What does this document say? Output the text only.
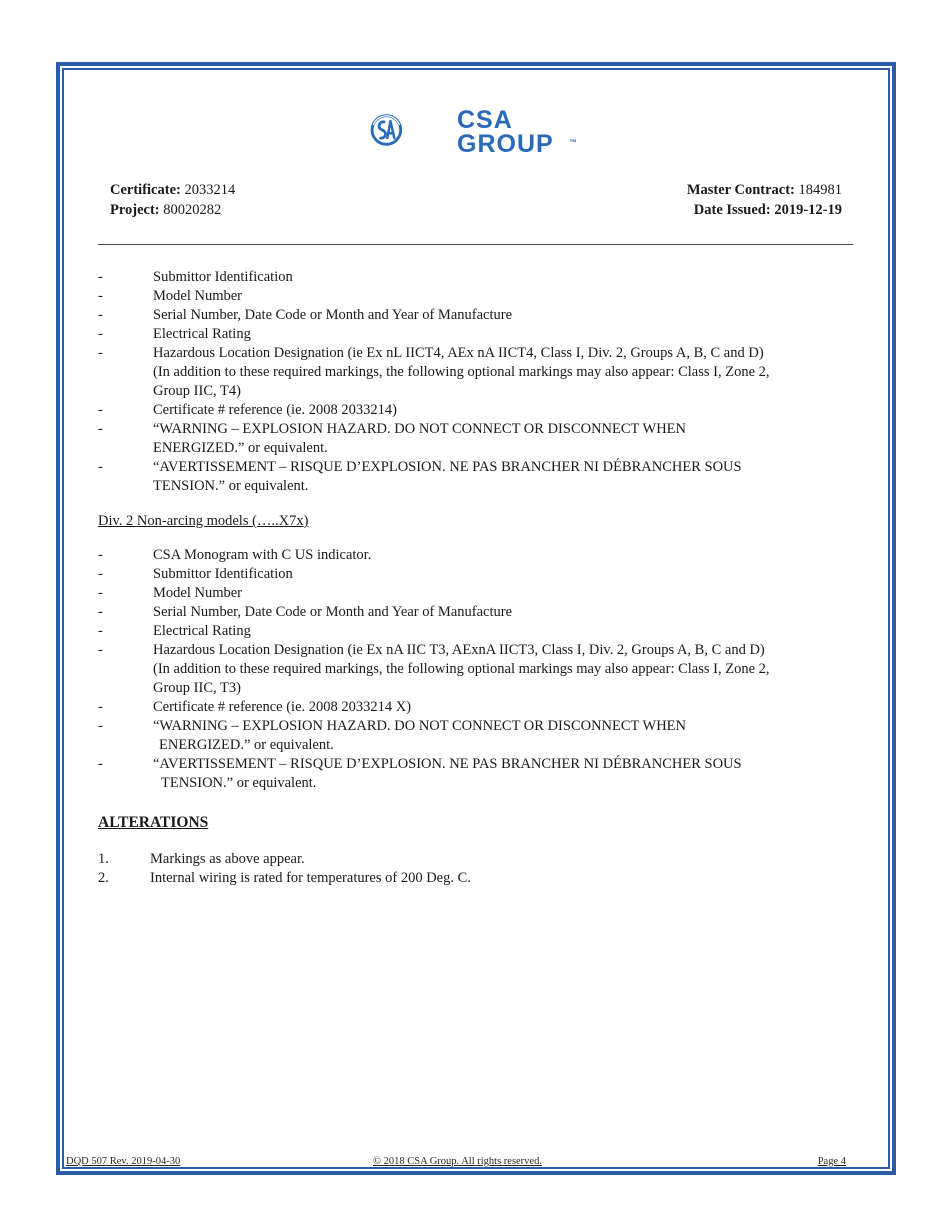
CSA
GROUP ™
Certificate: 2033214
Project: 80020282
Master Contract: 184981
Date Issued: 2019-12-19
-	Submittor Identification
-	Model Number
-	Serial Number, Date Code or Month and Year of Manufacture
-	Electrical Rating
-	Hazardous Location Designation (ie Ex nL IICT4, AEx nA IICT4, Class I, Div. 2, Groups A, B, C and D)
(In addition to these required markings, the following optional markings may also appear: Class I, Zone 2,
Group IIC, T4)
-	Certificate # reference (ie. 2008 2033214)
-	“WARNING – EXPLOSION HAZARD. DO NOT CONNECT OR DISCONNECT WHEN
ENERGIZED.” or equivalent.
-	“AVERTISSEMENT – RISQUE D’EXPLOSION. NE PAS BRANCHER NI DÉBRANCHER SOUS
TENSION.” or equivalent.
Div. 2 Non-arcing models (…..X7x)
-	CSA Monogram with C US indicator.
-	Submittor Identification
-	Model Number
-	Serial Number, Date Code or Month and Year of Manufacture
-	Electrical Rating
-	Hazardous Location Designation (ie Ex nA IIC T3, AExnA IICT3, Class I, Div. 2, Groups A, B, C and D)
(In addition to these required markings, the following optional markings may also appear: Class I, Zone 2,
Group IIC, T3)
-	Certificate # reference (ie. 2008 2033214 X)
-	“WARNING – EXPLOSION HAZARD. DO NOT CONNECT OR DISCONNECT WHEN
ENERGIZED.” or equivalent.
-	“AVERTISSEMENT – RISQUE D’EXPLOSION. NE PAS BRANCHER NI DÉBRANCHER SOUS
TENSION.” or equivalent.
ALTERATIONS
1.	Markings as above appear.
2.	Internal wiring is rated for temperatures of 200 Deg. C.
DQD 507 Rev. 2019-04-30	© 2018 CSA Group. All rights reserved.	Page 4
